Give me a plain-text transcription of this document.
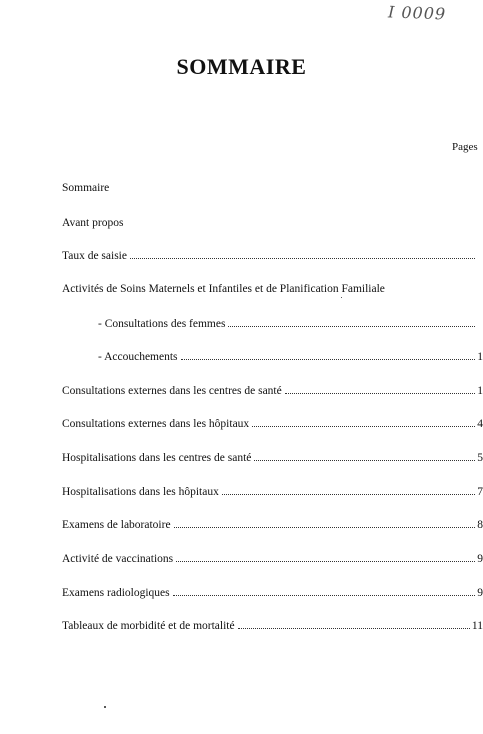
I 0009
SOMMAIRE
Pages
Sommaire
Avant propos
Taux de saisie
Activités de Soins Maternels et Infantiles et de Planification Familiale
- Consultations des femmes
- Accouchements	1
Consultations externes dans les centres de santé	1
Consultations externes dans les hôpitaux	4
Hospitalisations dans les centres de santé	5
Hospitalisations dans les hôpitaux	7
Examens de laboratoire	8
Activité de vaccinations	9
Examens radiologiques	9
Tableaux de morbidité et de mortalité	11
